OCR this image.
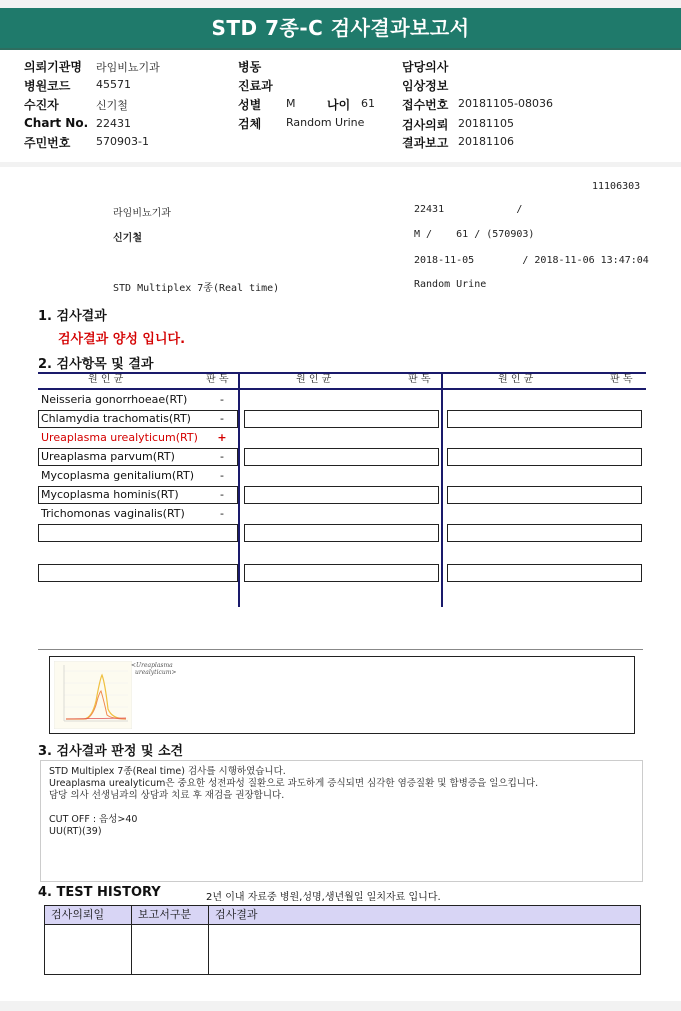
STD 7종-C 검사결과보고서
의뢰기관명 라임비뇨기과
병원코드 45571
수진자	신기철
Chart No. 22431
주민번호 570903-1
병동
진료과
성별 M	나이 61
검체 Random Urine
담당의사
임상정보
접수번호 20181105-08036
검사의뢰 20181105
결과보고 20181106
11106303
라임비뇨기과	22431            /
신기철	M /    61 / (570903)
2018-11-05        / 2018-11-06 13:47:04
STD Multiplex 7종(Real time)	Random Urine
1. 검사결과
검사결과 양성 입니다.
2. 검사항목 및 결과
원 인 균	판 독	원 인 균	판 독	원 인 균	판 독
Neisseria gonorrhoeae(RT)	-
Chlamydia trachomatis(RT)	-
Ureaplasma urealyticum(RT) +
Ureaplasma parvum(RT)	-
Mycoplasma genitalium(RT)	-
Mycoplasma hominis(RT)	-
Trichomonas vaginalis(RT)	-
<Ureaplasma
urealyticum>
3. 검사결과 판정 및 소견
STD Multiplex 7종(Real time) 검사를 시행하였습니다.
Ureaplasma urealyticum은 중요한 성전파성 질환으로 과도하게 증식되면 심각한 염증질환 및 합병증을 일으킵니다.
담당 의사 선생님과의 상담과 치료 후 재검을 권장합니다.
CUT OFF : 음성>40
UU(RT)(39)
4. TEST HISTORY	2년 이내 자료중 병원,성명,생년월일 일치자료 입니다.
검사의뢰일	보고서구분	검사결과
